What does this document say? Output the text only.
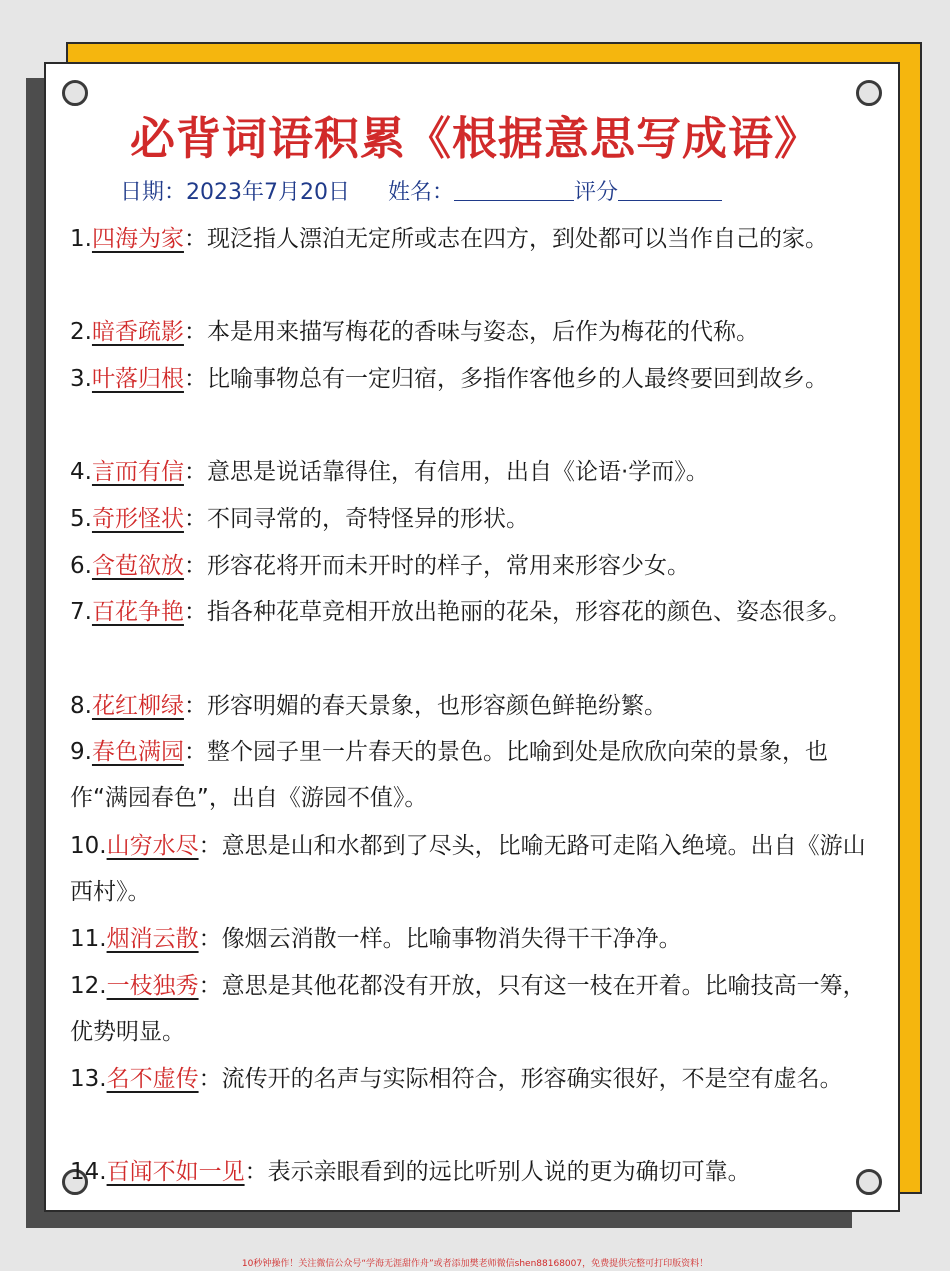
必背词语积累《根据意思写成语》
日期：2023年7月20日 姓名：	评分
1.四海为家：现泛指人漂泊无定所或志在四方，到处都可以当作自己的家。
2.暗香疏影：本是用来描写梅花的香味与姿态，后作为梅花的代称。
3.叶落归根：比喻事物总有一定归宿，多指作客他乡的人最终要回到故乡。
4.言而有信：意思是说话靠得住，有信用，出自《论语·学而》。
5.奇形怪状：不同寻常的，奇特怪异的形状。
6.含苞欲放：形容花将开而未开时的样子，常用来形容少女。
7.百花争艳：指各种花草竞相开放出艳丽的花朵，形容花的颜色、姿态很多。
8.花红柳绿：形容明媚的春天景象，也形容颜色鲜艳纷繁。
9.春色满园：整个园子里一片春天的景色。比喻到处是欣欣向荣的景象，也作“满园春色”，出自《游园不值》。
10.山穷水尽：意思是山和水都到了尽头，比喻无路可走陷入绝境。出自《游山西村》。
11.烟消云散：像烟云消散一样。比喻事物消失得干干净净。
12.一枝独秀：意思是其他花都没有开放，只有这一枝在开着。比喻技高一筹，优势明显。
13.名不虚传：流传开的名声与实际相符合，形容确实很好，不是空有虚名。
14.百闻不如一见：表示亲眼看到的远比听别人说的更为确切可靠。
10秒钟操作！关注微信公众号“学海无涯甜作舟”或者添加樊老师微信shen88168007，免费提供完整可打印版资料！
